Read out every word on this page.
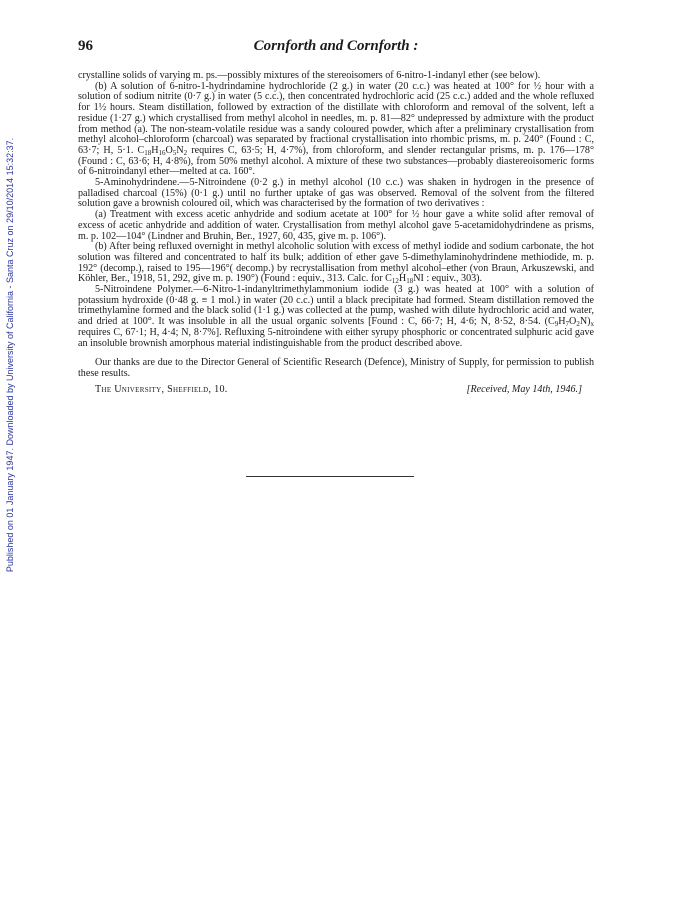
Published on 01 January 1947. Downloaded by University of California - Santa Cruz on 29/10/2014 15:32:37.
96	Cornforth and Cornforth :

crystalline solids of varying m. ps.—possibly mixtures of the stereoisomers of 6-nitro-1-indanyl ether (see below).

(b) A solution of 6-nitro-1-hydrindamine hydrochloride (2 g.) in water (20 c.c.) was heated at 100° for ½ hour with a solution of sodium nitrite (0·7 g.) in water (5 c.c.), then concentrated hydrochloric acid (25 c.c.) added and the whole refluxed for 1½ hours. Steam distillation, followed by extraction of the distillate with chloroform and removal of the solvent, left a residue (1·27 g.) which crystallised from methyl alcohol in needles, m. p. 81—82° undepressed by admixture with the product from method (a). The non-steam-volatile residue was a sandy coloured powder, which after a preliminary crystallisation from methyl alcohol–chloroform (charcoal) was separated by fractional crystallisation into rhombic prisms, m. p. 240° (Found : C, 63·7; H, 5·1. $C_{18}H_{16}O_5N_2$ requires C, 63·5; H, 4·7%), from chloroform, and slender rectangular prisms, m. p. 176—178° (Found : C, 63·6; H, 4·8%), from 50% methyl alcohol. A mixture of these two substances—probably diastereoisomeric forms of 6-nitroindanyl ether—melted at ca. 160°.

5-Aminohydrindene.—5-Nitroindene (0·2 g.) in methyl alcohol (10 c.c.) was shaken in hydrogen in the presence of palladised charcoal (15%) (0·1 g.) until no further uptake of gas was observed. Removal of the solvent from the filtered solution gave a brownish coloured oil, which was characterised by the formation of two derivatives :

(a) Treatment with excess acetic anhydride and sodium acetate at 100° for ½ hour gave a white solid after removal of excess of acetic anhydride and addition of water. Crystallisation from methyl alcohol gave 5-acetamidohydrindene as prisms, m. p. 102—104° (Lindner and Bruhin, Ber., 1927, 60, 435, give m. p. 106°).

(b) After being refluxed overnight in methyl alcoholic solution with excess of methyl iodide and sodium carbonate, the hot solution was filtered and concentrated to half its bulk; addition of ether gave 5-dimethylaminohydrindene methiodide, m. p. 192° (decomp.), raised to 195—196°( decomp.) by recrystallisation from methyl alcohol–ether (von Braun, Arkuszewski, and Köhler, Ber., 1918, 51, 292, give m. p. 190°) (Found : equiv., 313. Calc. for $C_{12}H_{18}NI$ : equiv., 303).

5-Nitroindene Polymer.—6-Nitro-1-indanyltrimethylammonium iodide (3 g.) was heated at 100° with a solution of potassium hydroxide (0·48 g. ≡ 1 mol.) in water (20 c.c.) until a black precipitate had formed. Steam distillation removed the trimethylamine formed and the black solid (1·1 g.) was collected at the pump, washed with dilute hydrochloric acid and water, and dried at 100°. It was insoluble in all the usual organic solvents [Found : C, 66·7; H, 4·6; N, 8·52, 8·54. $(C_9H_7O_2N)_x$ requires C, 67·1; H, 4·4; N, 8·7%]. Refluxing 5-nitroindene with either syrupy phosphoric or concentrated sulphuric acid gave an insoluble brownish amorphous material indistinguishable from the product described above.

Our thanks are due to the Director General of Scientific Research (Defence), Ministry of Supply, for permission to publish these results.

The University, Sheffield, 10.	[Received, May 14th, 1946.]
